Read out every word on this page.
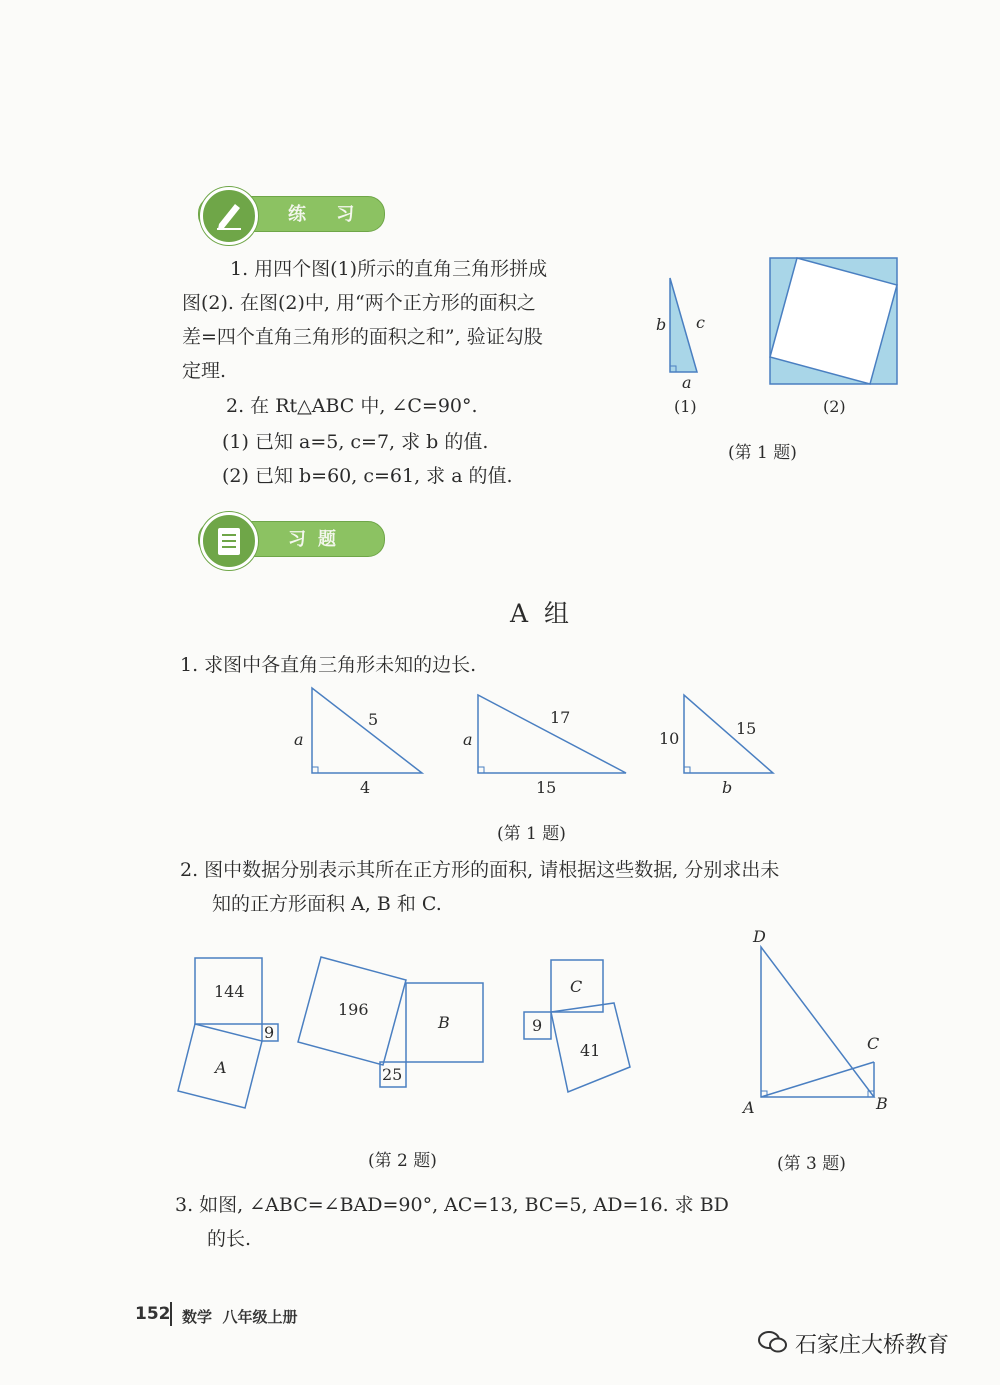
练 习
1. 用四个图(1)所示的直角三角形拼成
图(2). 在图(2)中, 用“两个正方形的面积之
差=四个直角三角形的面积之和”, 验证勾股
定理.
2. 在 Rt△ABC 中, ∠C=90°.
(1) 已知 a=5, c=7, 求 b 的值.
(2) 已知 b=60, c=61, 求 a 的值.
b c
a
(1)	(2)
(第 1 题)
习题
A  组
1. 求图中各直角三角形未知的边长.
a
5
4
a
17
15
10
15
b
(第 1 题)
2. 图中数据分别表示其所在正方形的面积, 请根据这些数据, 分别求出未
知的正方形面积 A, B 和 C.
144
9
A
196
B
25
C
9
41
D
C
A	B
(第 2 题)	(第 3 题)
3. 如图, ∠ABC=∠BAD=90°, AC=13, BC=5, AD=16. 求 BD
的长.
152 数学  八年级上册
石家庄大桥教育
